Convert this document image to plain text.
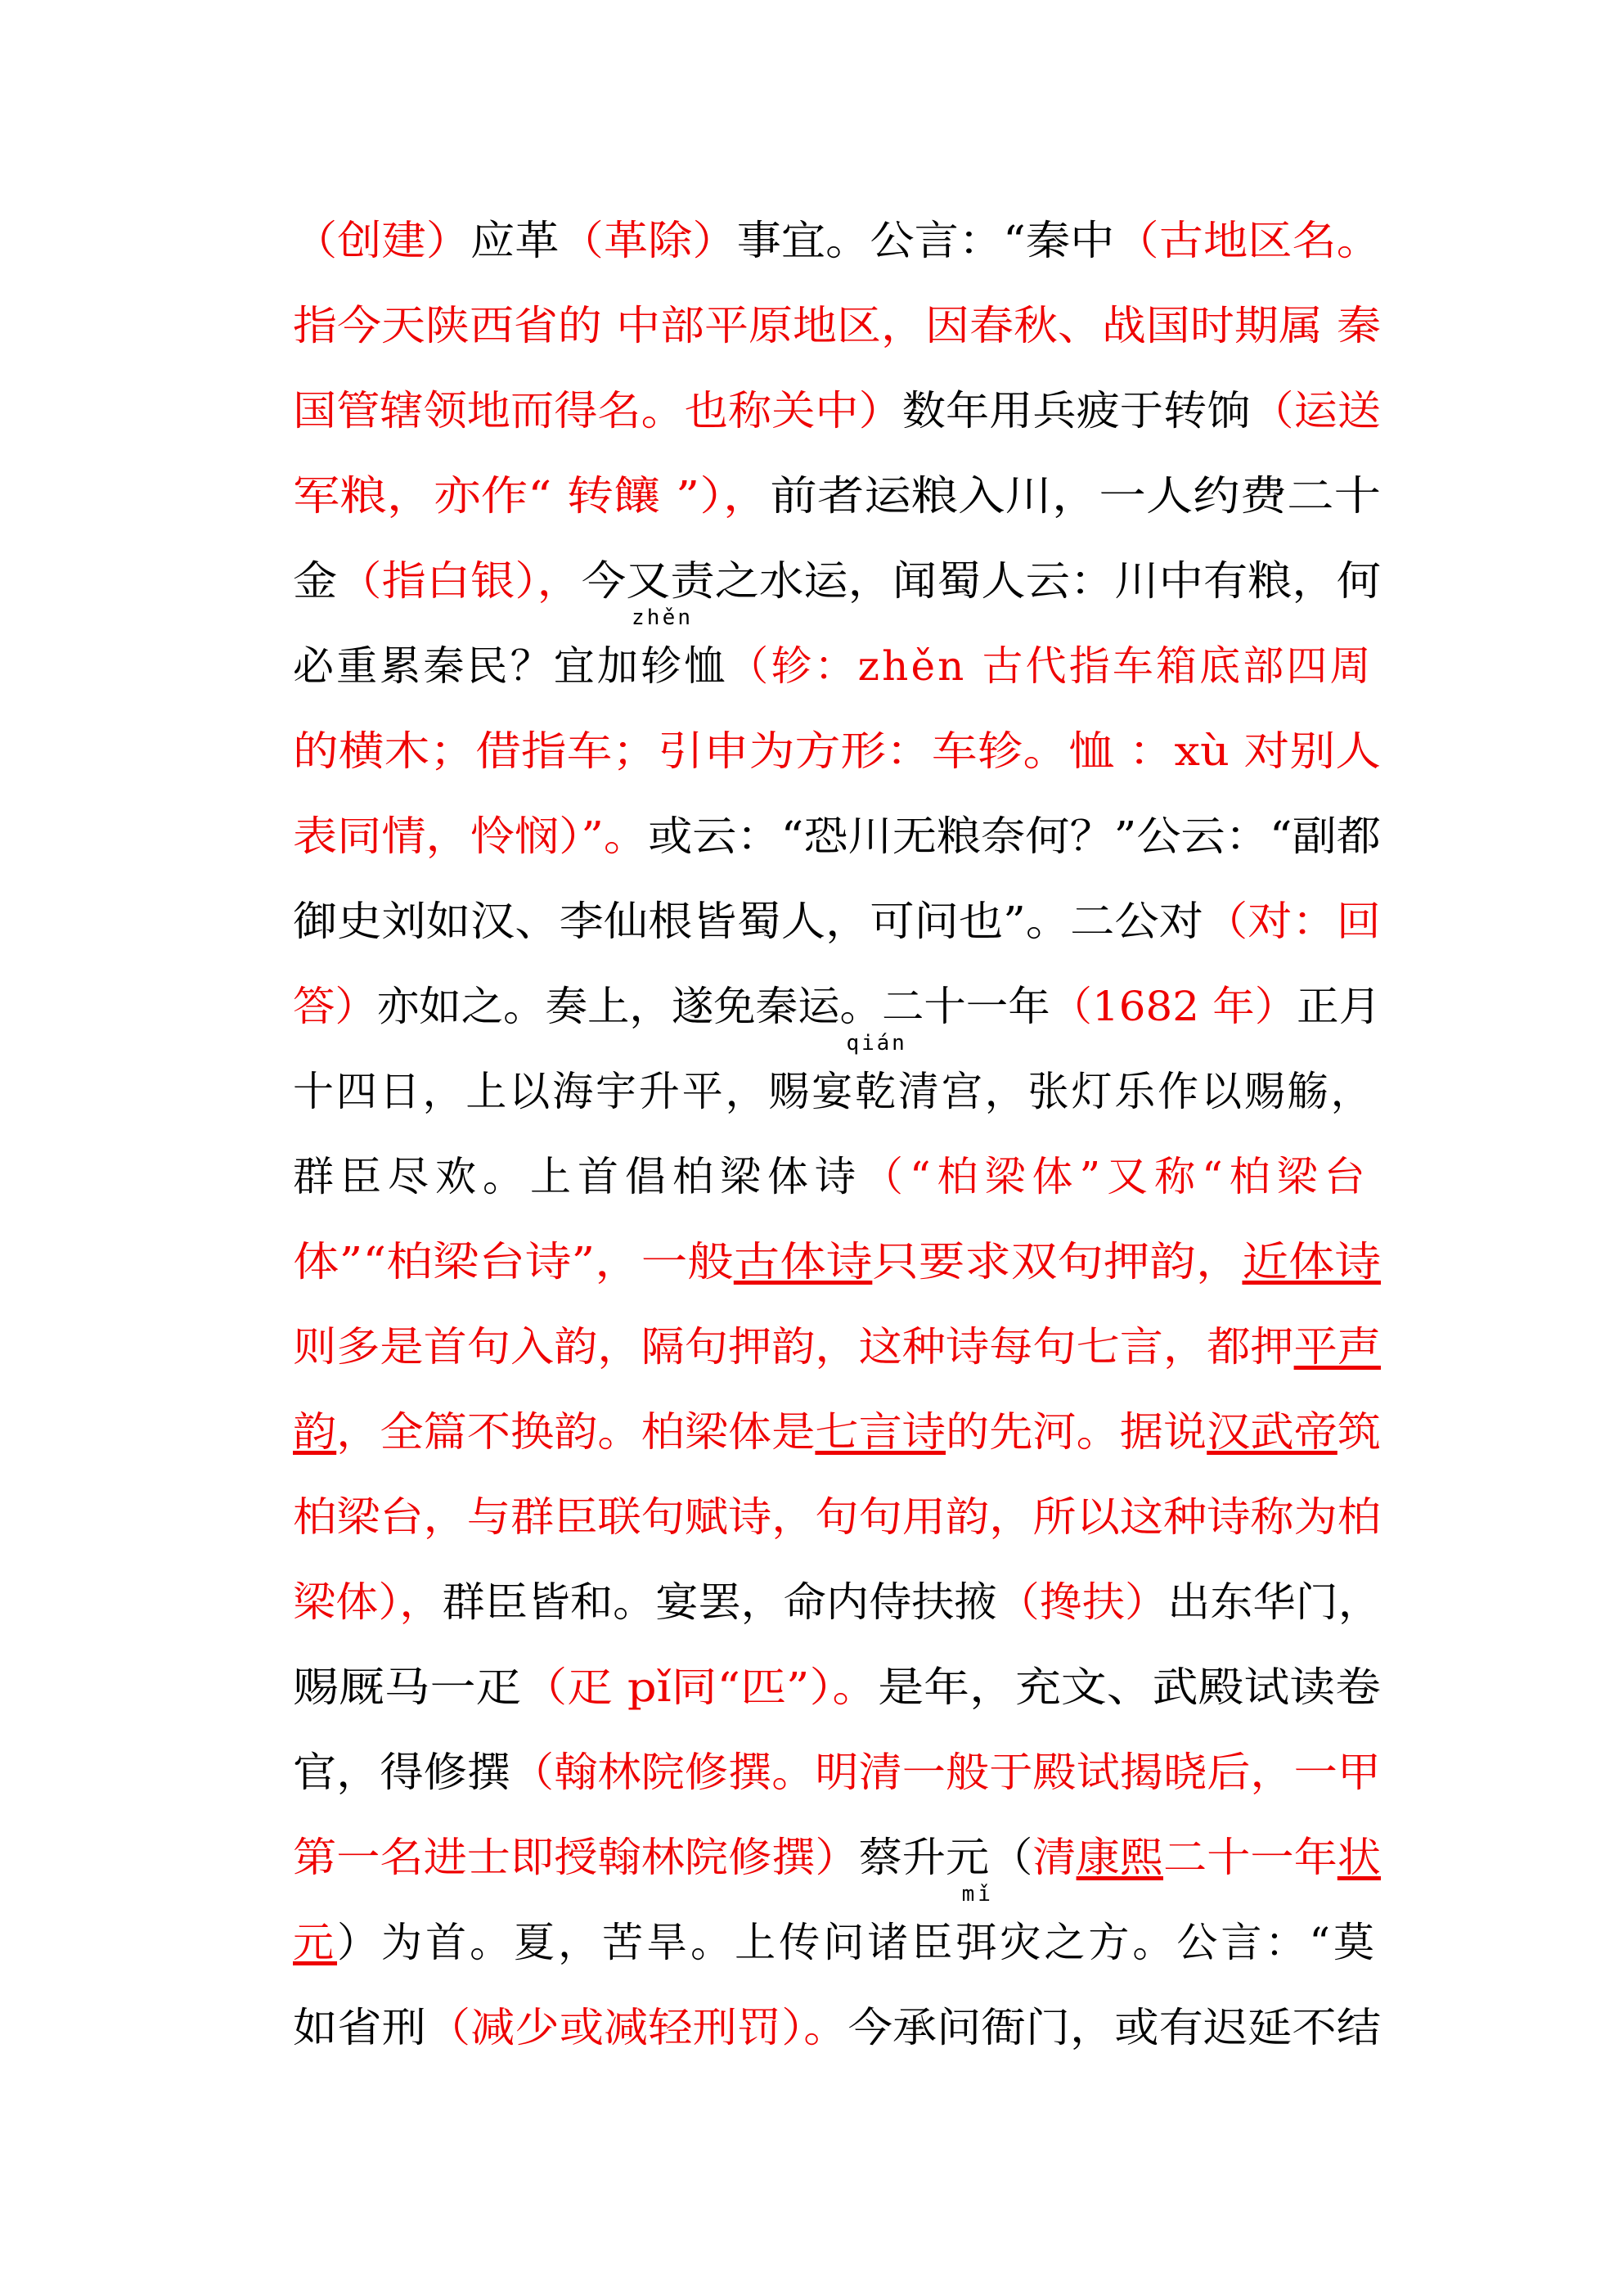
（创建）应革（革除）事宜。公言：“秦中（古地区名。
指今天陕西省的 中部平原地区，因春秋、战国时期属 秦
国管辖领地而得名。也称关中）数年用兵疲于转饷（运送
军粮，亦作“ 转饟 ”），前者运粮入川，一人约费二十
金（指白银），今又责之水运，闻蜀人云：川中有粮，何
必重累秦民？宜加
zhěn
轸恤（轸：zhěn 古代指车箱底部四周
的横木；借指车；引申为方形：车轸。恤 ：xù 对别人
表同情，怜悯）”。或云：“恐川无粮奈何？”公云：“副都
御史刘如汉、李仙根皆蜀人，可问也”。二公对（对：回
答）亦如之。奏上，遂免秦运。二十一年（1682 年）正月
十四日，上以海宇升平，赐宴
qián
乾清宫，张灯乐作以赐觞，
群臣尽欢。上首倡柏梁体诗（“柏梁体”又称“柏梁台
体”“柏梁台诗”，一般古体诗只要求双句押韵，近体诗
则多是首句入韵，隔句押韵，这种诗每句七言，都押平声
韵，全篇不换韵。柏梁体是七言诗的先河。据说汉武帝筑
柏梁台，与群臣联句赋诗，句句用韵，所以这种诗称为柏
梁体），群臣皆和。宴罢，命内侍扶掖（搀扶）出东华门，
赐厩马一疋（疋 pǐ同“匹”）。是年，充文、武殿试读卷
官，得修撰（翰林院修撰。明清一般于殿试揭晓后，一甲
第一名进士即授翰林院修撰）蔡升元（清康熙二十一年状
元）为首。夏，苦旱。上传问诸臣
mǐ
弭灾之方。公言：“莫
如省刑（减少或减轻刑罚）。今承问衙门，或有迟延不结
